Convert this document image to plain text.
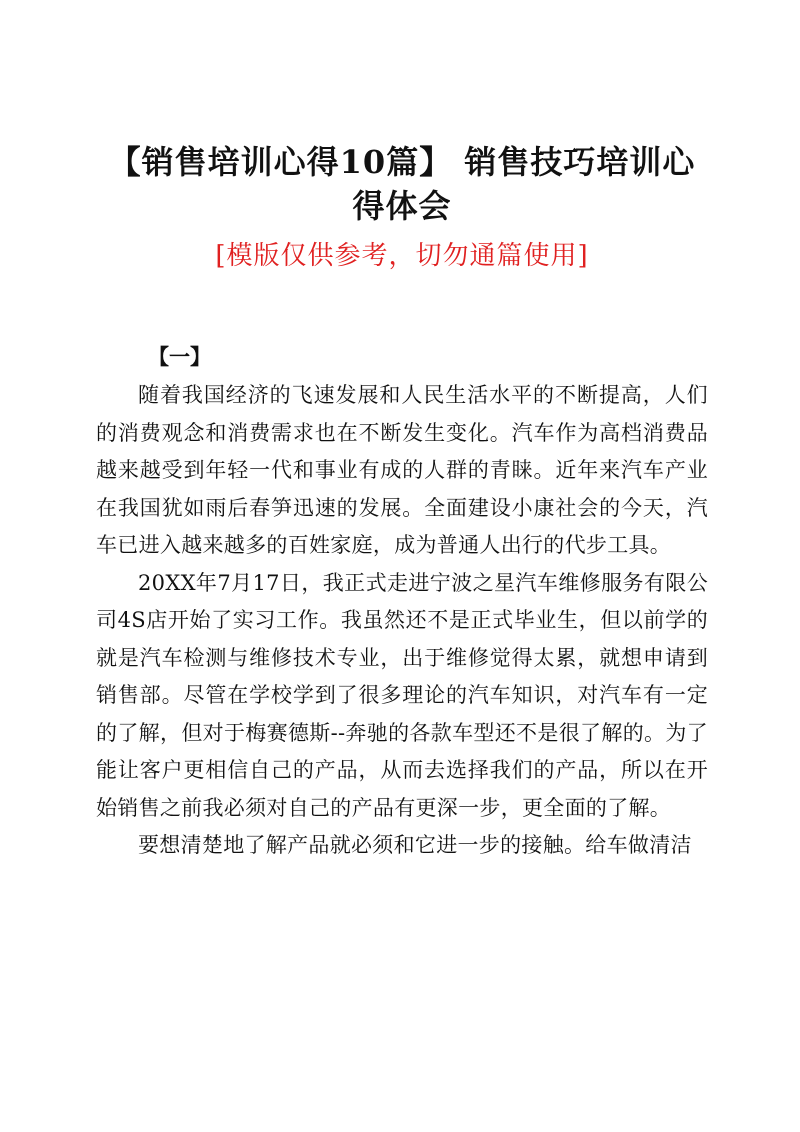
【销售培训心得10篇】 销售技巧培训心得体会
[模版仅供参考，切勿通篇使用]
【一】

随着我国经济的飞速发展和人民生活水平的不断提高，人们的消费观念和消费需求也在不断发生变化。汽车作为高档消费品越来越受到年轻一代和事业有成的人群的青睐。近年来汽车产业在我国犹如雨后春笋迅速的发展。全面建设小康社会的今天，汽车已进入越来越多的百姓家庭，成为普通人出行的代步工具。

20XX年7月17日，我正式走进宁波之星汽车维修服务有限公司4S店开始了实习工作。我虽然还不是正式毕业生，但以前学的就是汽车检测与维修技术专业，出于维修觉得太累，就想申请到销售部。尽管在学校学到了很多理论的汽车知识，对汽车有一定的了解，但对于梅赛德斯--奔驰的各款车型还不是很了解的。为了能让客户更相信自己的产品，从而去选择我们的产品，所以在开始销售之前我必须对自己的产品有更深一步，更全面的了解。

要想清楚地了解产品就必须和它进一步的接触。给车做清洁
